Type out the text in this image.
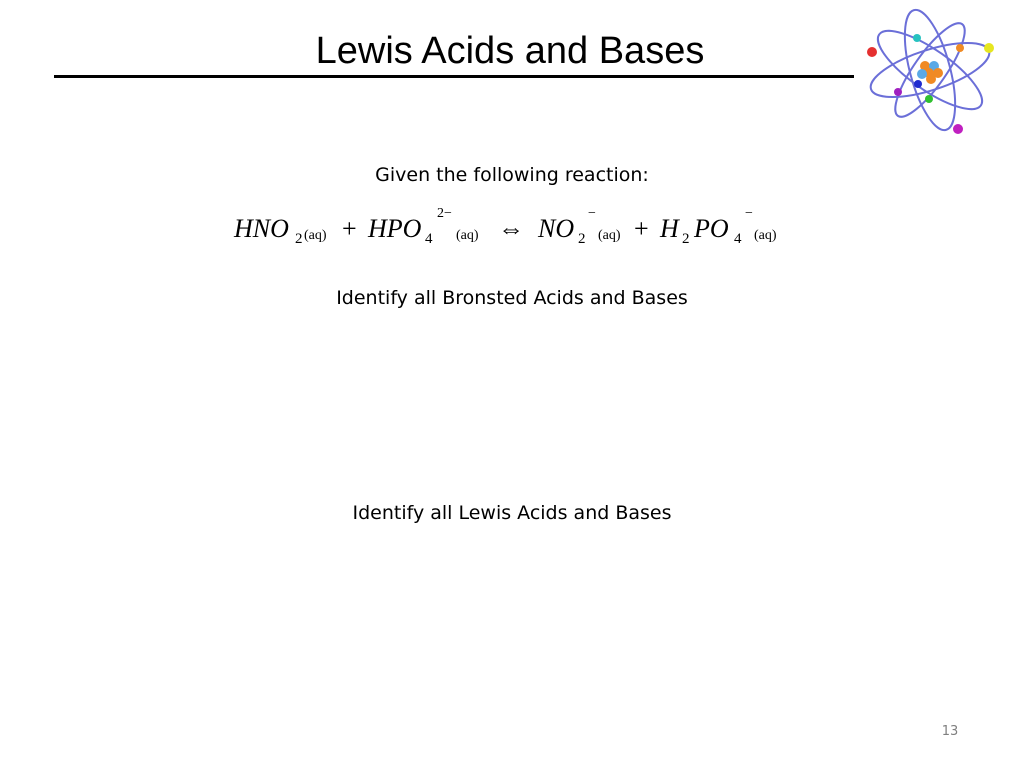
Lewis Acids and Bases
Given the following reaction:
HNO 2 (aq) + HPO 4
2−
(aq) ⇔ NO 2
−
(aq) + H 2 PO 4
−
(aq)
Identify all Bronsted Acids and Bases
Identify all Lewis Acids and Bases
13
